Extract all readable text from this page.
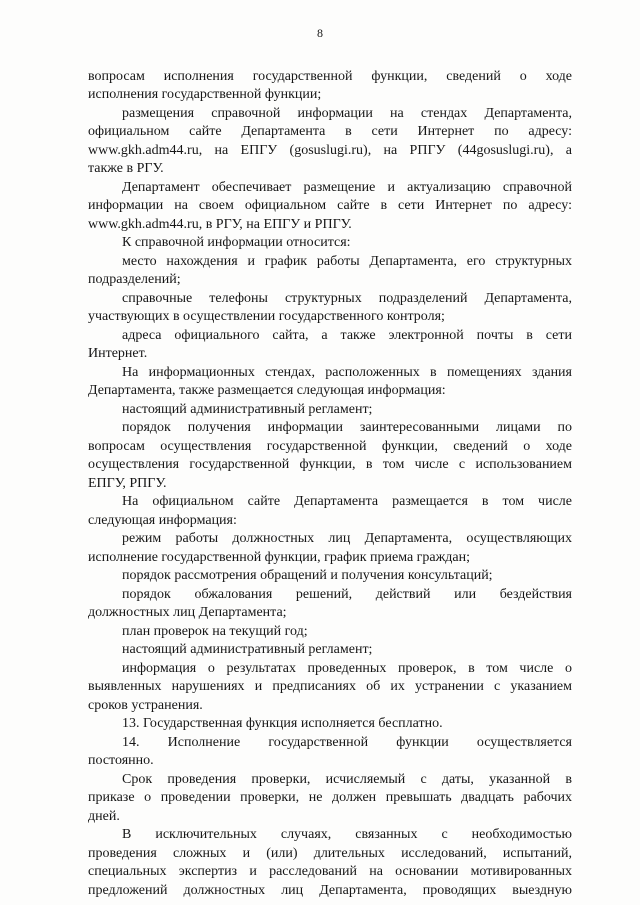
8
вопросам исполнения государственной функции, сведений о ходе
исполнения государственной функции;
размещения справочной информации на стендах Департамента,
официальном сайте Департамента в сети Интернет по адресу:
www.gkh.adm44.ru, на ЕПГУ (gosuslugi.ru), на РПГУ (44gosuslugi.ru), а
также в РГУ.
Департамент обеспечивает размещение и актуализацию справочной
информации на своем официальном сайте в сети Интернет по адресу:
www.gkh.adm44.ru, в РГУ, на ЕПГУ и РПГУ.
К справочной информации относится:
место нахождения и график работы Департамента, его структурных
подразделений;
справочные телефоны структурных подразделений Департамента,
участвующих в осуществлении государственного контроля;
адреса официального сайта, а также электронной почты в сети
Интернет.
На информационных стендах, расположенных в помещениях здания
Департамента, также размещается следующая информация:
настоящий административный регламент;
порядок получения информации заинтересованными лицами по
вопросам осуществления государственной функции, сведений о ходе
осуществления государственной функции, в том числе с использованием
ЕПГУ, РПГУ.
На официальном сайте Департамента размещается в том числе
следующая информация:
режим работы должностных лиц Департамента, осуществляющих
исполнение государственной функции, график приема граждан;
порядок рассмотрения обращений и получения консультаций;
порядок обжалования решений, действий или бездействия
должностных лиц Департамента;
план проверок на текущий год;
настоящий административный регламент;
информация о результатах проведенных проверок, в том числе о
выявленных нарушениях и предписаниях об их устранении с указанием
сроков устранения.
13. Государственная функция исполняется бесплатно.
14. Исполнение государственной функции осуществляется
постоянно.
Срок проведения проверки, исчисляемый с даты, указанной в
приказе о проведении проверки, не должен превышать двадцать рабочих
дней.
В исключительных случаях, связанных с необходимостью
проведения сложных и (или) длительных исследований, испытаний,
специальных экспертиз и расследований на основании мотивированных
предложений должностных лиц Департамента, проводящих выездную
